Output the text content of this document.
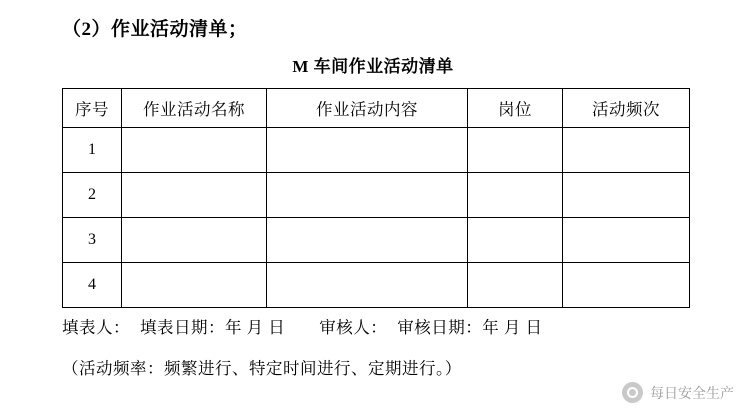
（2）作业活动清单；
M 车间作业活动清单
序号	作业活动名称	作业活动内容	岗位	活动频次
1				
2				
3				
4				
填表人： 填表日期：年 月 日 审核人： 审核日期：年 月 日
（活动频率：频繁进行、特定时间进行、定期进行。）
每日安全生产
